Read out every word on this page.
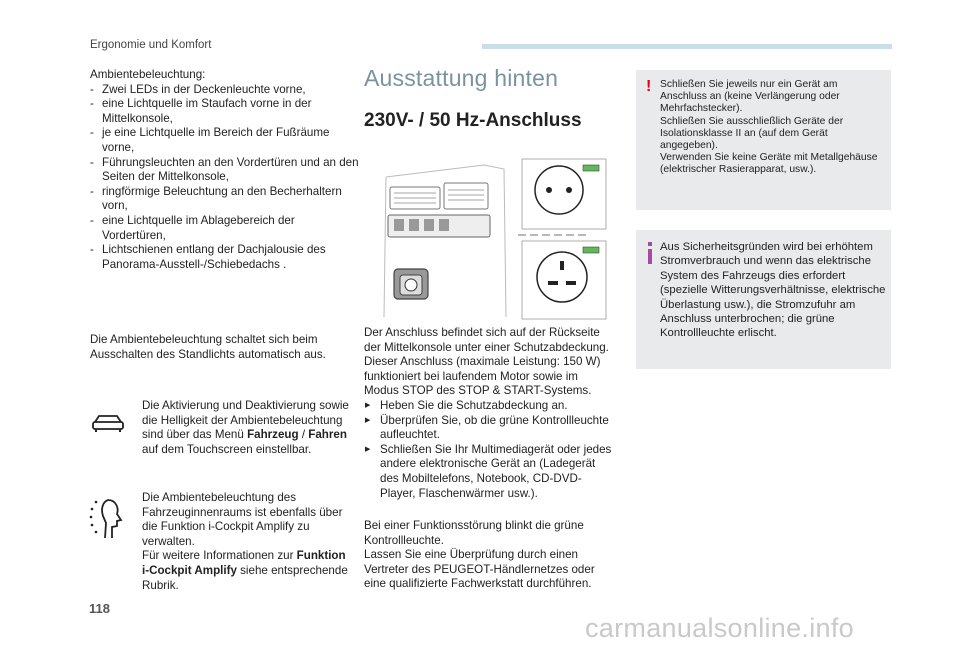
Ergonomie und Komfort

Ambientebeleuchtung:

- Zwei LEDs in der Deckenleuchte vorne,
- eine Lichtquelle im Staufach vorne in der Mittelkonsole,
- je eine Lichtquelle im Bereich der Fußräume vorne,
- Führungsleuchten an den Vordertüren und an den Seiten der Mittelkonsole,
- ringförmige Beleuchtung an den Becherhaltern vorn,
- eine Lichtquelle im Ablagebereich der Vordertüren,
- Lichtschienen entlang der Dachjalousie des Panorama-Ausstell-/Schiebedachs .
Die Ambientebeleuchtung schaltet sich beim Ausschalten des Standlichts automatisch aus.
Die Aktivierung und Deaktivierung sowie die Helligkeit der Ambientebeleuchtung sind über das Menü Fahrzeug / Fahren auf dem Touchscreen einstellbar.

Die Ambientebeleuchtung des Fahrzeuginnenraums ist ebenfalls über die Funktion i-Cockpit Amplify zu verwalten.

Für weitere Informationen zur Funktion i-Cockpit Amplify siehe entsprechende Rubrik.

Ausstattung hinten
230V- / 50 Hz-Anschluss

Der Anschluss befindet sich auf der Rückseite der Mittelkonsole unter einer Schutzabdeckung.

Dieser Anschluss (maximale Leistung: 150 W) funktioniert bei laufendem Motor sowie im Modus STOP des STOP & START-Systems.

▶ Heben Sie die Schutzabdeckung an.
▶ Überprüfen Sie, ob die grüne Kontrollleuchte aufleuchtet.
▶ Schließen Sie Ihr Multimediagerät oder jedes andere elektronische Gerät an (Ladegerät des Mobiltelefons, Notebook, CD-DVD-Player, Flaschenwärmer usw.).

Bei einer Funktionsstörung blinkt die grüne Kontrollleuchte.

Lassen Sie eine Überprüfung durch einen Vertreter des PEUGEOT-Händlernetzes oder eine qualifizierte Fachwerkstatt durchführen.

! Schließen Sie jeweils nur ein Gerät am Anschluss an (keine Verlängerung oder Mehrfachstecker).

Schließen Sie ausschließlich Geräte der Isolationsklasse II an (auf dem Gerät angegeben).

Verwenden Sie keine Geräte mit Metallgehäuse (elektrischer Rasierapparat, usw.).

Aus Sicherheitsgründen wird bei erhöhtem Stromverbrauch und wenn das elektrische System des Fahrzeugs dies erfordert (spezielle Witterungsverhältnisse, elektrische Überlastung usw.), die Stromzufuhr am Anschluss unterbrochen; die grüne Kontrollleuchte erlischt.
118
carmanualsonline.info
